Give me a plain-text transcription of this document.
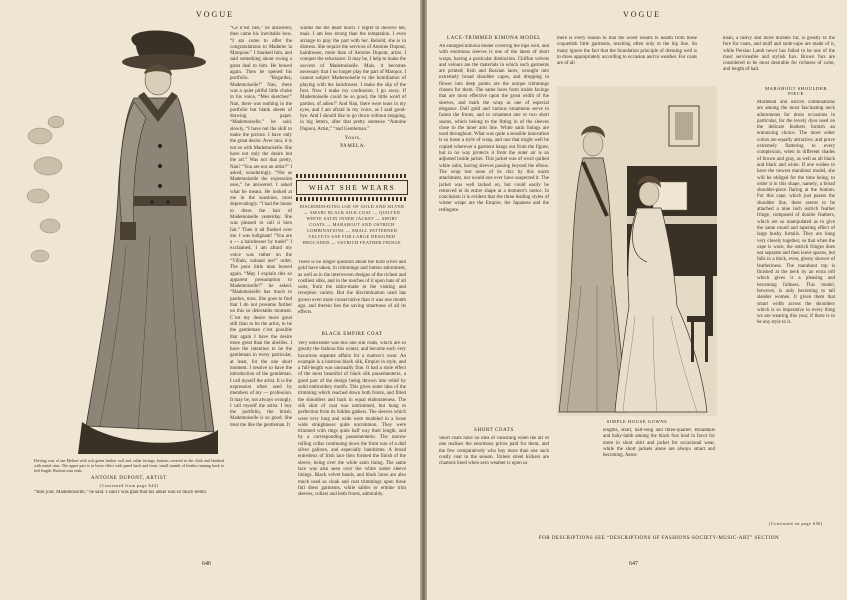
VOGUE
Driving coat of tan Melton with soft green leather cuff and collar facings, buttons covered in the cloth and finished with metal rims. The upper part is in loose effect with panel back and front, small strands of leather running back to belt length. Buttons trim ends.
ANTOINE DUPONT, ARTIST
(Continued from page 644)
“Bon jour, Mademoiselle,” he said. I said I was glad that his ankle was so much better.
“Ce n’est rien,” he answered, then came his inevitable bow. “I am come to offer the congratulations to Madame la Marquise.” I thanked him, and said something about owing a great deal to him. He bowed again. Then he opened his portfolio. “Regardez, Mademoiselle!” Nan, there was a quiet pitiful little choke in his voice, “Mes sketches!” Nan, there was nothing in the portfolio but blank sheets of drawing paper. “Mademoiselle,” he said, slowly, “I have not the skill to make the picture. I have only the great desire. Avec moi, it is not so with Mademoiselle. She have not only the desire but the art.” Was not that pretty, Nan? “You are not an artist?” I asked, wonderingly. “Not as Mademoiselle the expression uses,” he answered. I asked what he meant. He looked at me in the sunshine, most deprecatingly. “I had the honor to dress the hair of Mademoiselle yesterday. She was pleased to call it bien fait.” Then it all flashed over me. I was indignant! “You are a — a hairdresser by trade!” I exclaimed. I am afraid my voice was rather on the “Villain, unhand me!” order. The poor little man bowed again. “May I explain this so apparent presumption to Mademoiselle?” he asked. “Mademoiselle has much to pardon, miss. She goes to find that I do not presume further on this so delectable moment. C’est my desire more great still than to be the artist, to be the gentleman c’est possible that again I have the desire more great than the abeilles. I have the intention to be the gentleman in every particular, at least, for the one short moment. I resolve to have the introduction of the gentleman. I call myself the artist. It is the expression often used by members of my — profession. It may be, not always wrongly. I call myself the artist. I buy the portfolio, the brush. Mademoiselle is so good. She treat me like the gentleman. It
warms me the heart much. I regret to deceive her, mais. I am less strong than the temptation. I even arrange to play the part with her. Behold, she is in distress. She require the services of Antoine Dupont, hairdresser, more than of Antoine Dupont, artist. I conquer the reluctance. It may be, I help to make the success of Mademoiselle. Mais, it becomes necessary that I no longer play the part of Marquis. I cannot subject Mademoiselle to the humiliation of playing with the hairdresser. I make the slip of the foot. Now I make my confession, I go away. If Mademoiselle could be so good, the little word of pardon, of adieu!” And Nan, there were tears in my eyes, and I am afraid in my voice, as I said good-bye. And I should like to go down without stopping, in big letters, after that pretty sentence “Antoine Dupont, Artist,” “and Gentleman.”
Yours,
PAMELA.
WHAT SHE WEARS
DISCRIMINATING USE OF GOLD AND SILVER — SMART BLACK SILK COAT — QUILTED WHITE SATIN INNER JACKET — SHORT COATS — MARABOUT AND OSTRICH COMBINATIONS — SMALL PATTERNED VELVETS USE FOR LARGE DESIGNED BROCADED — OSTRICH FEATHER FRINGE
There is no longer question about the bold silver and gold have taken, in trimmings and button adornment, as well as in the interwoven designs of the richest and costliest silks, and in the touches of it upon hats of all sorts, from the tailor-made to the visiting and reception variety. But the discrimination used has grown even more conservative than it was one month ago, and therein lies the saving smartness of all its effects.
BLACK EMPIRE COAT
Very noticeable was this one silk coats, which are so greatly the fashion this winter, and become such very luxurious separate affairs for a matron’s wear. An example is a lustrous black silk, Empire in style, and a full-length was unusually fine. It had a stole effect of the most beautiful of black silk passementerie, a good part of the design being thrown into relief by solid embroidery motifs. This gives some idea of the trimming which reached down both fronts, and fitted the shoulders and back in equal elaborateness. The silk skirt of coat was untrimmed, but hung to perfection from its hidden gathers. The sleeves which were very long and wide were modeled in a loose wide straightness quite uncommon. They were trimmed with rings quite half way their length, and by a corresponding passementerie. The narrow rolling collar continuing down the front was of a dull silver galloon, and especially handsome. A broad entredeux of Irish lace then formed the finish of the sleeve, being over the white satin lining. The same lace was also seen over the white under sleeve linings. Black velvet bands, and black laces are also much used as cloak and coat trimmings upon these full dress garments, while sables or ermine trim sleeves, collars and both fronts, admirably.
646
VOGUE
LACE-TRIMMED KIMONA MODEL
An enlarged kimona model covering the hips well, and with enormous sleeves is one of the latest of short wraps, having a particular distinction. Chiffon velvets and velours are the materials in which such garments are printed; Irish and Russian laces, wrought into extremely broad shoulder capes, and dropping in flower into deep points are the unique trimmings chosen for them. The same laces form inside facings that are most effective upon the great width of the sleeves, and mark the wrap as one of especial elegance. Dull gold and various ornaments serve to fasten the fronts, and to ornament one or two short seams, which belong to the fitting in of the sleeves close to the inner arm line. White satin linings are used throughout. What was quite a sensible innovation is so loose a style of wrap, and one that might well be copied wherever a garment hangs out from the figure, but in no way protects it from the outer air is an adjusted inside jacket. This jacket was of word quilted white satin, having sleeves passing beyond the elbow. The wrap lost none of its chic by this warm attachment, nor would one ever have suspected it. The jacket was well tacked on, but could easily be removed in its entire shape at a moment’s notice. In conclusion it is evident that the three leading styles of winter wraps are the Empire, the Japanese and the redingote.
SHORT COATS
Short coats have no idea of vanishing when the art of one realises the enormous prices paid for them, and the few comparatively who buy more than one such costly coat in the season. Unless street kickers are chamois lined when zero weather is upon us
there is every reason to fear the worst results to health from these coquettish little garments, reaching often only to the hip line. So many ignore the fact that the foundation principle of dressing well is to dress appropriately according to occasion and to weather. Fur coats are of all
SIMPLE HOUSE GOWNS
lengths, short, half-long and three-quarter. Broadtails and baby-lamb among the black furs lead in favor for more in short skirt and jacket for occasional wear, while the short jackets alone are always smart and becoming. Astra-
khan, a heavy and more durable fur, is greatly to the fore for coats, and muff and stole-cape are made of it, while Persian Lamb never has failed to be one of the most serviceable and stylish furs. Brown furs are considered to be most desirable for richness of color, and length of hair.
MARABOUT SHOULDER PIECE
Marabout and ostrich combinations are among the most fascinating neck adornments for dress occasions in particular, for the lovely dyes used on the delicate feathers furnish an entrancing choice. The more sober colors are equally attractive, and prove extremely flattering to every complexion, when in different shades of brown and gray, as well as all black and black and white. If one wishes to have the newest marabout model, she will be obliged for the time being, to order it in this shape, namely, a broad shoulder-piece flaring at the bottom. For this cape, which just passes the shoulder line, there seems to be attached a nine inch ostrich feather fringe, composed of double feathers, which are so manipulated as to give the same round and tapering effect of large bushy furtails. They are hung very closely together, so that when the cape is worn, the ostrich fringes does not separate and then leave spaces, but falls in a thick, even, glossy shower of featheriness. The marabout top is finished at the neck by an extra roll which gives it a pleasing and becoming fullness. This model, however, is only becoming to tall slender women. It given them that smart width across the shoulders which is so imperative in every thing we are wearing this year, if there is to be any style to it.
(Continued on page 650)
FOR DESCRIPTIONS SEE “DESCRIPTIONS OF FASHIONS-SOCIETY-MUSIC-ART” SECTION
647
